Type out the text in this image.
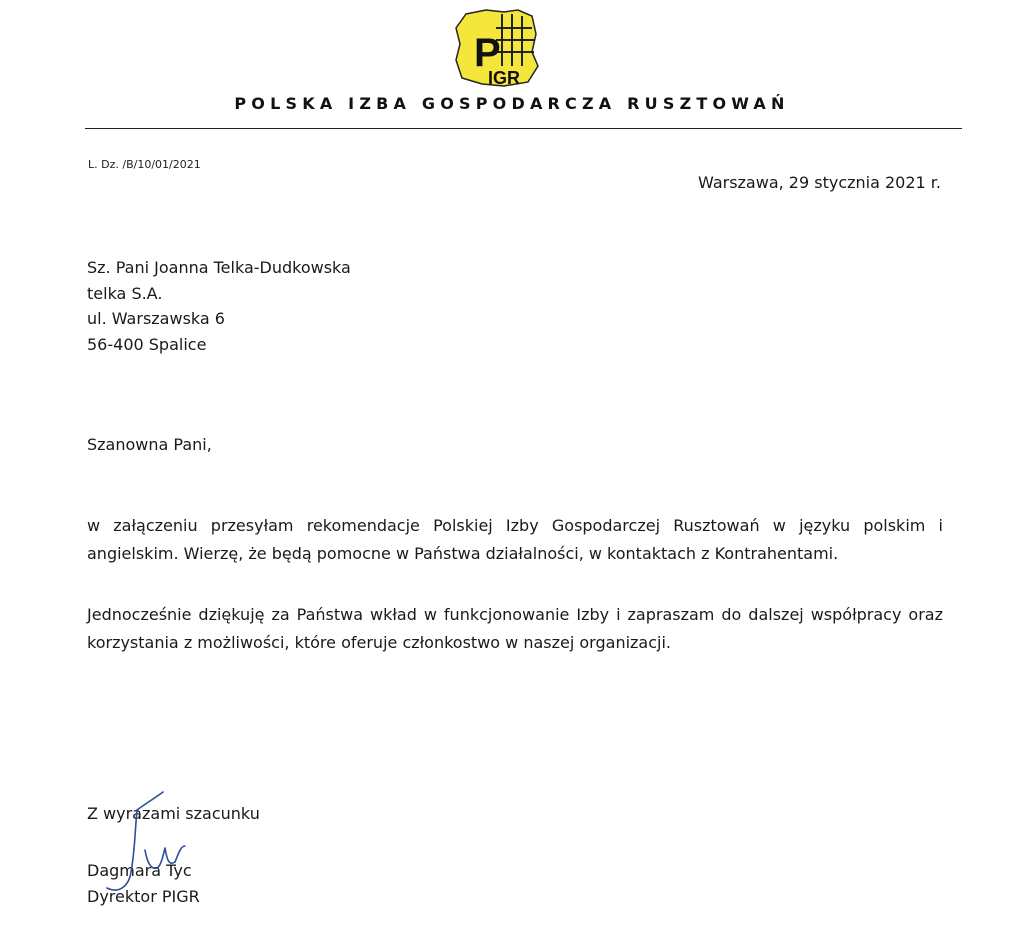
P
IGR
POLSKA IZBA GOSPODARCZA RUSZTOWAŃ
L. Dz. /B/10/01/2021
Warszawa, 29 stycznia 2021 r.
Sz. Pani Joanna Telka-Dudkowska
telka S.A.
ul. Warszawska 6
56-400 Spalice
Szanowna Pani,
w załączeniu przesyłam rekomendacje Polskiej Izby Gospodarczej Rusztowań w języku polskim i angielskim. Wierzę, że będą pomocne w Państwa działalności, w kontaktach z Kontrahentami.
Jednocześnie dziękuję za Państwa wkład w funkcjonowanie Izby i zapraszam do dalszej współpracy oraz korzystania z możliwości, które oferuje członkostwo w naszej organizacji.
Z wyrazami szacunku
Dagmara Tyc
Dyrektor PIGR
